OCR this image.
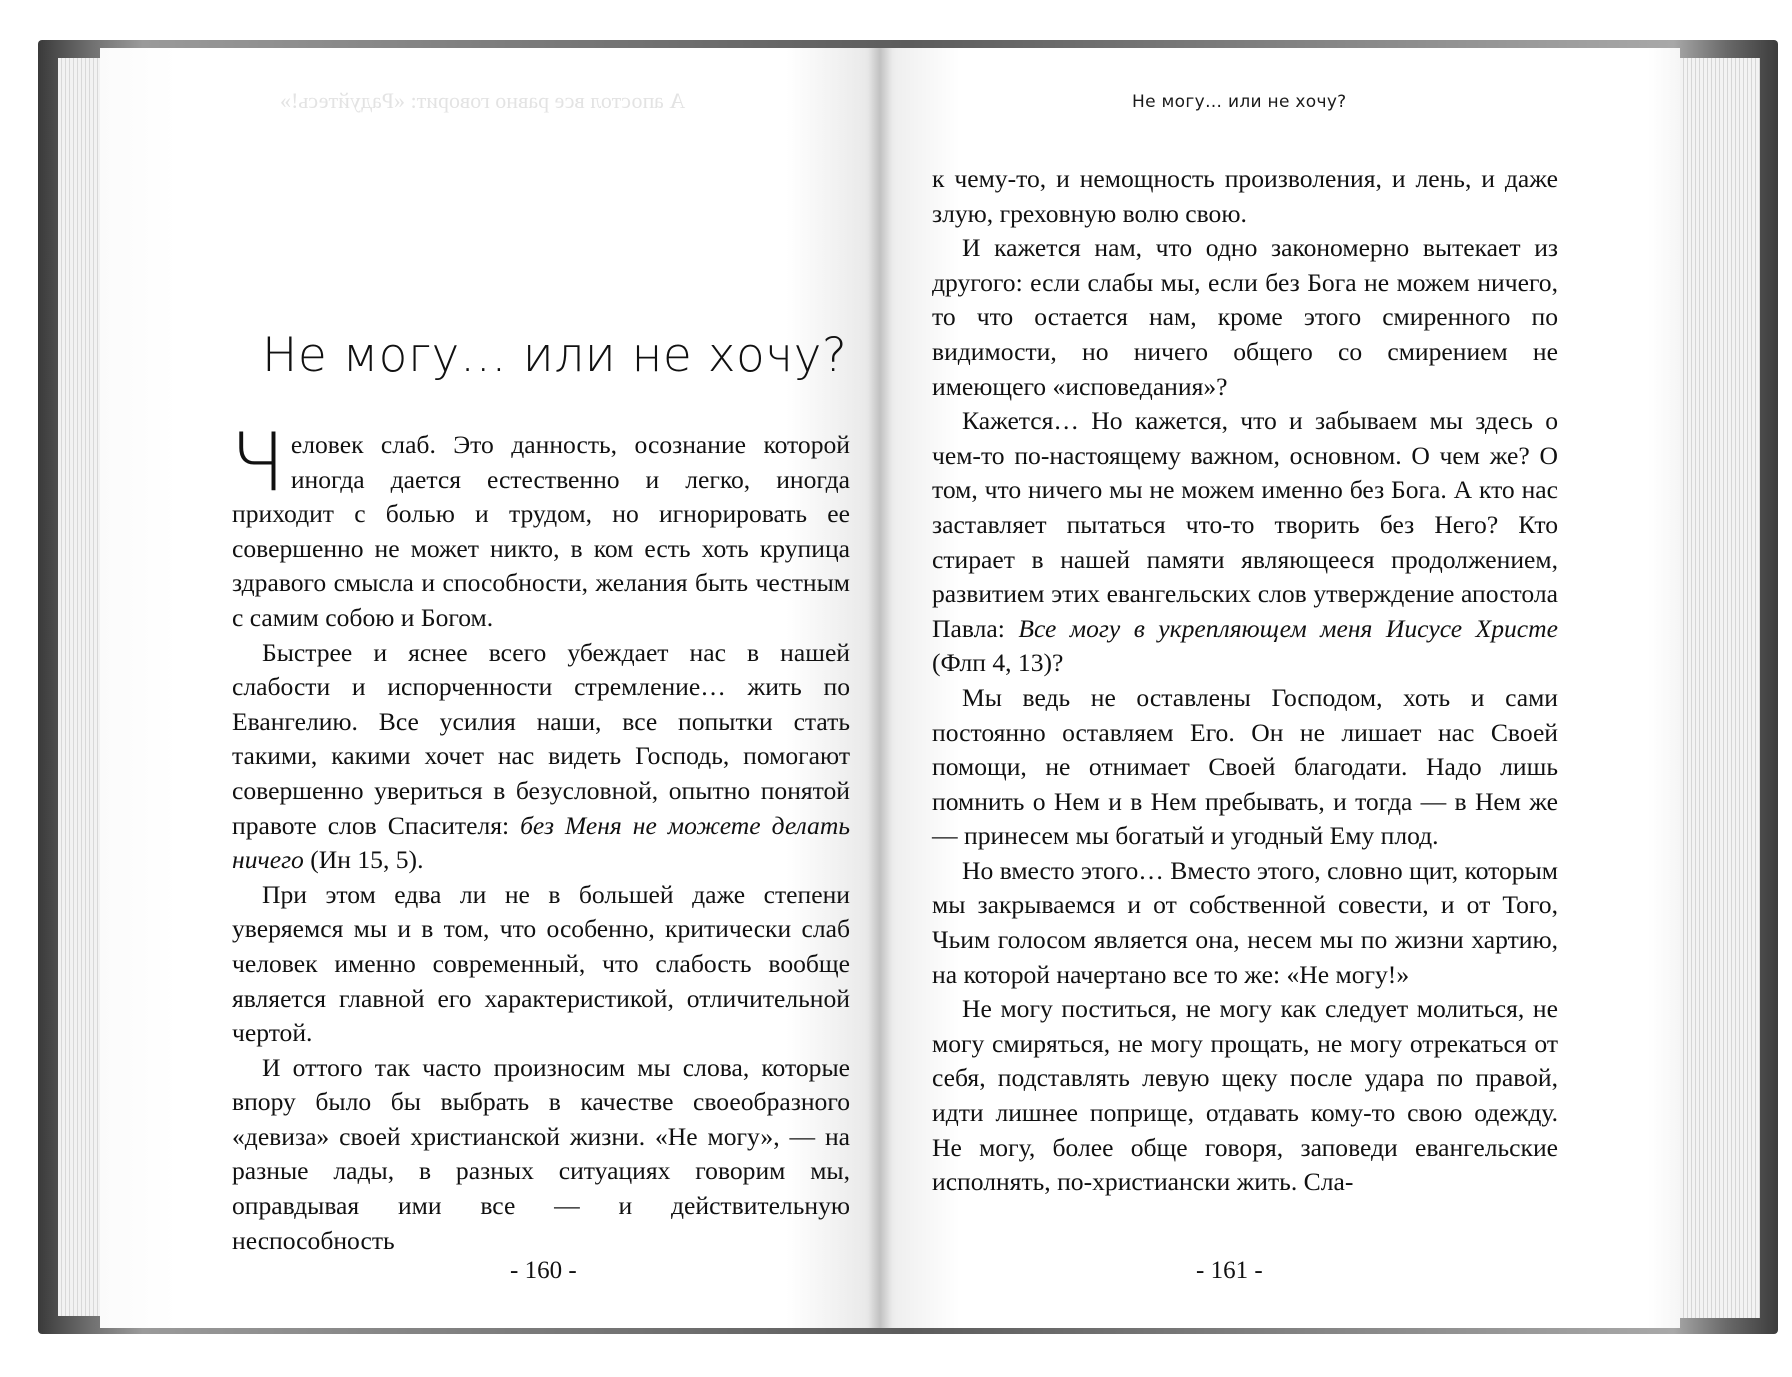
А апостол все равно говорит: «Радуйтесь!»	Не могу… или не хочу?
Не могу… или не хочу?

Человек слаб. Это данность, осознание которой иногда дается естественно и легко, иногда приходит с болью и трудом, но игнорировать ее совершенно не может никто, в ком есть хоть крупица здравого смысла и способности, желания быть честным с самим собою и Богом.

Быстрее и яснее всего убеждает нас в нашей слабости и испорченности стремление… жить по Евангелию. Все усилия наши, все попытки стать такими, какими хочет нас видеть Господь, помогают совершенно увериться в безусловной, опытно понятой правоте слов Спасителя: без Меня не можете делать ничего (Ин 15, 5).

При этом едва ли не в большей даже степени уверяемся мы и в том, что особенно, критически слаб человек именно современный, что слабость вообще является главной его характеристикой, отличительной чертой.

И оттого так часто произносим мы слова, которые впору было бы выбрать в качестве своеобразного «девиза» своей христианской жизни. «Не могу», — на разные лады, в разных ситуациях говорим мы, оправдывая ими все — и действительную неспособность

к чему-то, и немощность произволения, и лень, и даже злую, греховную волю свою.

И кажется нам, что одно закономерно вытекает из другого: если слабы мы, если без Бога не можем ничего, то что остается нам, кроме этого смиренного по видимости, но ничего общего со смирением не имеющего «исповедания»?

Кажется… Но кажется, что и забываем мы здесь о чем-то по-настоящему важном, основном. О чем же? О том, что ничего мы не можем именно без Бога. А кто нас заставляет пытаться что-то творить без Него? Кто стирает в нашей памяти являющееся продолжением, развитием этих евангельских слов утверждение апостола Павла: Все могу в укрепляющем меня Иисусе Христе (Флп 4, 13)?

Мы ведь не оставлены Господом, хоть и сами постоянно оставляем Его. Он не лишает нас Своей помощи, не отнимает Своей благодати. Надо лишь помнить о Нем и в Нем пребывать, и тогда — в Нем же — принесем мы богатый и угодный Ему плод.

Но вместо этого… Вместо этого, словно щит, которым мы закрываемся и от собственной совести, и от Того, Чьим голосом является она, несем мы по жизни хартию, на которой начертано все то же: «Не могу!»

Не могу поститься, не могу как следует молиться, не могу смиряться, не могу прощать, не могу отрекаться от себя, подставлять левую щеку после удара по правой, идти лишнее поприще, отдавать кому-то свою одежду. Не могу, более обще говоря, заповеди евангельские исполнять, по-христиански жить. Сла-

- 160 -	- 161 -
